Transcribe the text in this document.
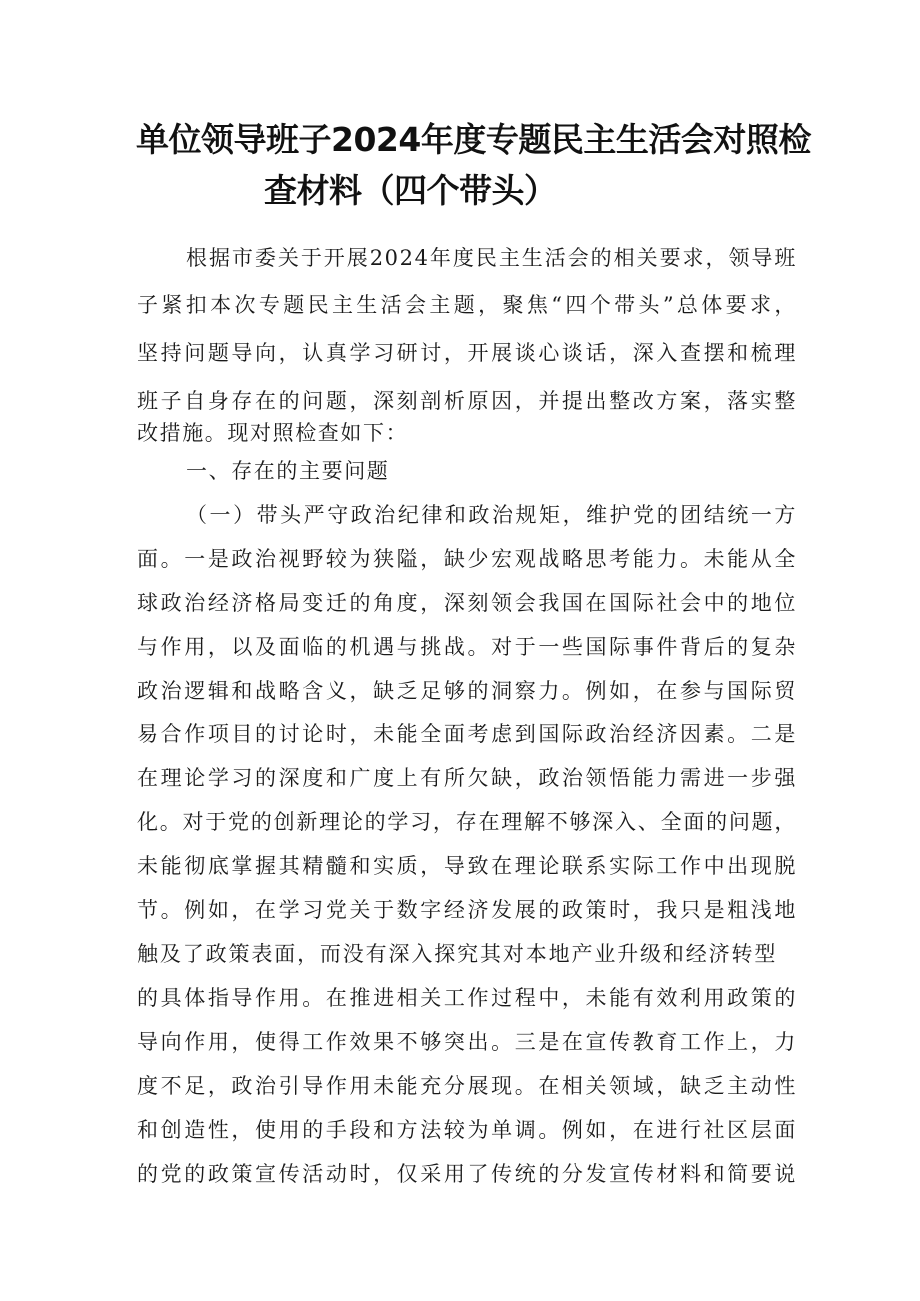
单位领导班子2024年度专题民主生活会对照检
查材料（四个带头）
根据市委关于开展2024年度民主生活会的相关要求，领导班
子紧扣本次专题民主生活会主题，聚焦“四个带头”总体要求，
坚持问题导向，认真学习研讨，开展谈心谈话，深入查摆和梳理
班子自身存在的问题，深刻剖析原因，并提出整改方案，落实整
改措施。现对照检查如下：
一、存在的主要问题
（一）带头严守政治纪律和政治规矩，维护党的团结统一方
面。一是政治视野较为狭隘，缺少宏观战略思考能力。未能从全
球政治经济格局变迁的角度，深刻领会我国在国际社会中的地位
与作用，以及面临的机遇与挑战。对于一些国际事件背后的复杂
政治逻辑和战略含义，缺乏足够的洞察力。例如，在参与国际贸
易合作项目的讨论时，未能全面考虑到国际政治经济因素。二是
在理论学习的深度和广度上有所欠缺，政治领悟能力需进一步强
化。对于党的创新理论的学习，存在理解不够深入、全面的问题，
未能彻底掌握其精髓和实质，导致在理论联系实际工作中出现脱
节。例如，在学习党关于数字经济发展的政策时，我只是粗浅地
触及了政策表面，而没有深入探究其对本地产业升级和经济转型
的具体指导作用。在推进相关工作过程中，未能有效利用政策的
导向作用，使得工作效果不够突出。三是在宣传教育工作上，力
度不足，政治引导作用未能充分展现。在相关领域，缺乏主动性
和创造性，使用的手段和方法较为单调。例如，在进行社区层面
的党的政策宣传活动时，仅采用了传统的分发宣传材料和简要说
